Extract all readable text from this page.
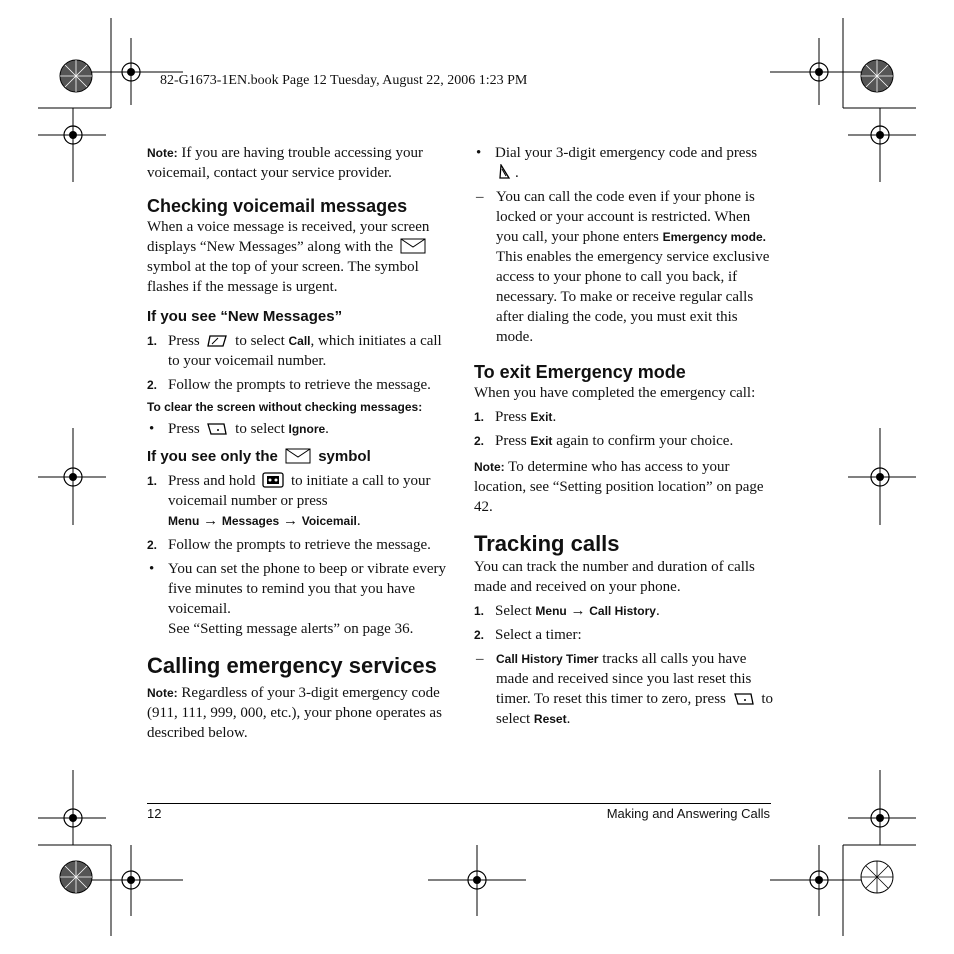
82-G1673-1EN.book Page 12 Tuesday, August 22, 2006 1:23 PM

Note: If you are having trouble accessing your voicemail, contact your service provider.

Checking voicemail messages

When a voice message is received, your screen displays “New Messages” along with the  symbol at the top of your screen. The symbol flashes if the message is urgent.

If you see “New Messages”
1. Press to select Call, which initiates a call to your voicemail number.
2. Follow the prompts to retrieve the message.
To clear the screen without checking messages:
• Press to select Ignore.
If you see only the	symbol
1. Press and hold to initiate a call to your voicemail number or press
Menu → Messages → Voicemail.
2. Follow the prompts to retrieve the message.
• You can set the phone to beep or vibrate every five minutes to remind you that you have voicemail.
See “Setting message alerts” on page 36.
Calling emergency services

Note: Regardless of your 3-digit emergency code (911, 111, 999, 000, etc.), your phone operates as described below.

• Dial your 3-digit emergency code and press .
– You can call the code even if your phone is locked or your account is restricted. When you call, your phone enters Emergency mode. This enables the emergency service exclusive access to your phone to call you back, if necessary. To make or receive regular calls after dialing the code, you must exit this mode.
To exit Emergency mode

When you have completed the emergency call:

1. Press Exit.
2. Press Exit again to confirm your choice.

Note: To determine who has access to your location, see “Setting position location” on page 42.

Tracking calls

You can track the number and duration of calls made and received on your phone.

1. Select Menu → Call History.
2. Select a timer:
– Call History Timer tracks all calls you have made and received since you last reset this timer. To reset this timer to zero, press to select Reset.
12	Making and Answering Calls
